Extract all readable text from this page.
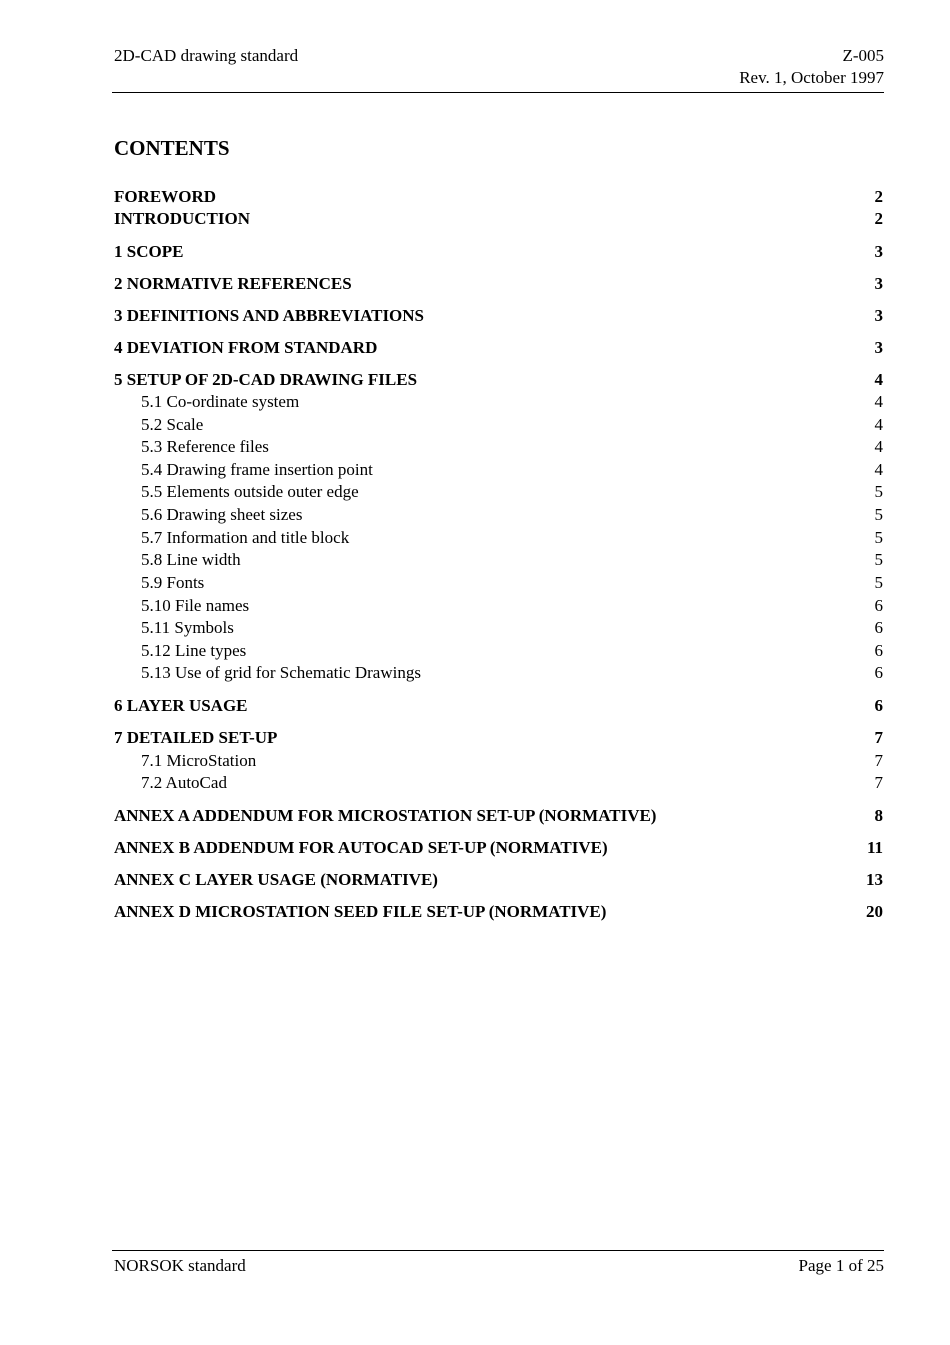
2D-CAD drawing standard	Z-005
Rev. 1, October 1997
CONTENTS
FOREWORD	2
INTRODUCTION	2
1 SCOPE	3
2 NORMATIVE REFERENCES	3
3 DEFINITIONS AND ABBREVIATIONS	3
4 DEVIATION FROM STANDARD	3
5 SETUP OF 2D-CAD DRAWING FILES	4
5.1 Co-ordinate system	4
5.2 Scale	4
5.3 Reference files	4
5.4 Drawing frame insertion point	4
5.5 Elements outside outer edge	5
5.6 Drawing sheet sizes	5
5.7 Information and title block	5
5.8 Line width	5
5.9 Fonts	5
5.10 File names	6
5.11 Symbols	6
5.12 Line types	6
5.13 Use of grid for Schematic Drawings	6
6 LAYER USAGE	6
7 DETAILED SET-UP	7
7.1 MicroStation	7
7.2 AutoCad	7
ANNEX A ADDENDUM FOR MICROSTATION SET-UP (NORMATIVE)	8
ANNEX B ADDENDUM FOR AUTOCAD SET-UP (NORMATIVE)	11
ANNEX C LAYER USAGE (NORMATIVE)	13
ANNEX D MICROSTATION SEED FILE SET-UP (NORMATIVE)	20
NORSOK standard	Page 1 of 25
